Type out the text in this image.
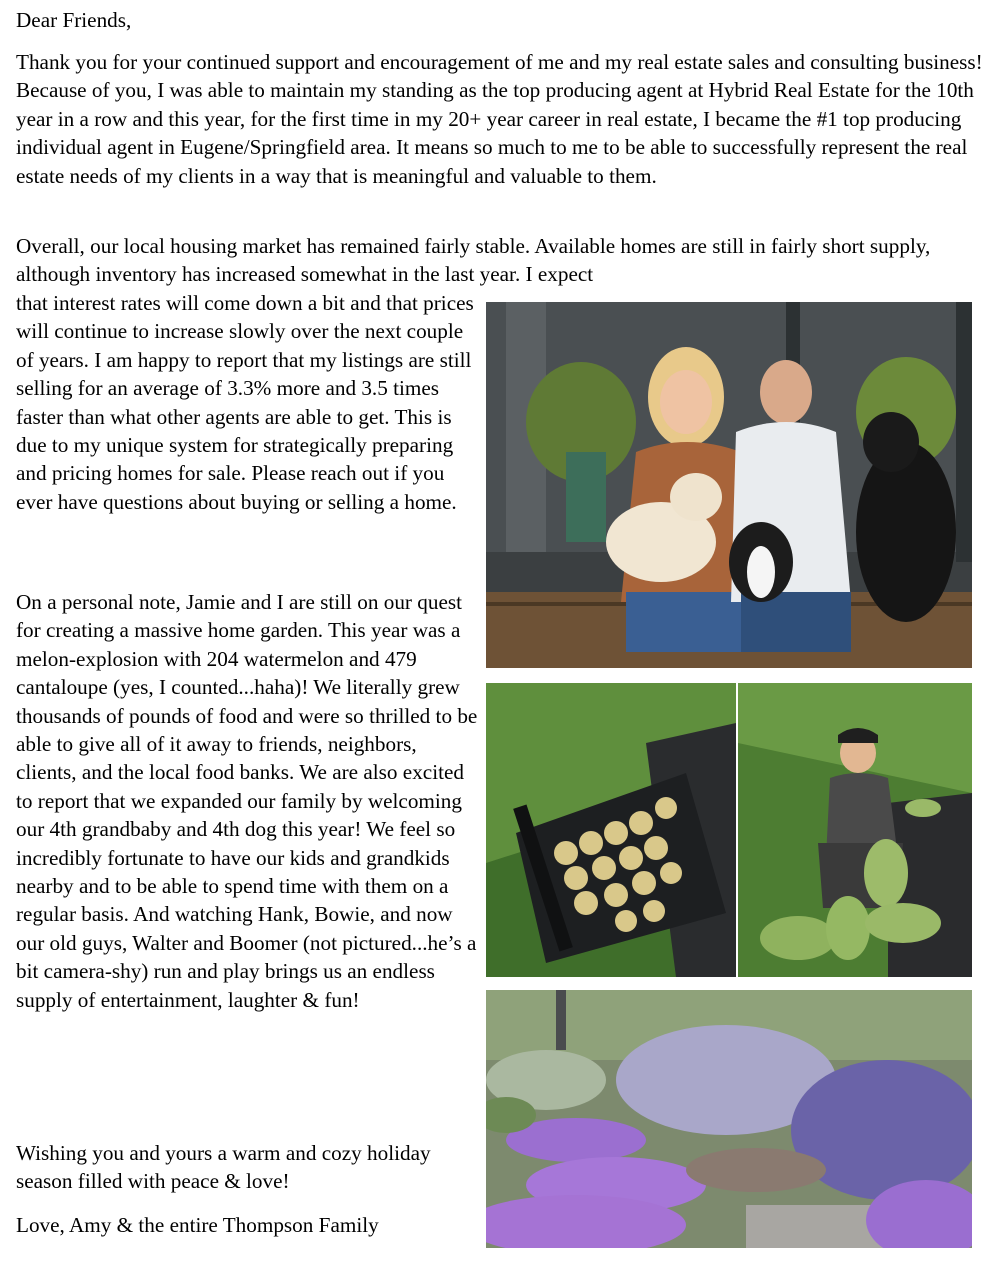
Dear Friends,

Thank you for your continued support and encouragement of me and my real estate sales and consulting business! Because of you, I was able to maintain my standing as the top producing agent at Hybrid Real Estate for the 10th year in a row and this year, for the first time in my 20+ year career in real estate, I became the #1 top producing individual agent in Eugene/Springfield area. It means so much to me to be able to successfully represent the real estate needs of my clients in a way that is meaningful and valuable to them.

Overall, our local housing market has remained fairly stable. Available homes are still in fairly short supply, although inventory has increased somewhat in the last year. I expect

that interest rates will come down a bit and that prices will continue to increase slowly over the next couple of years. I am happy to report that my listings are still selling for an average of 3.3% more and 3.5 times faster than what other agents are able to get. This is due to my unique system for strategically preparing and pricing homes for sale. Please reach out if you ever have questions about buying or selling a home.

On a personal note, Jamie and I are still on our quest for creating a massive home garden. This year was a melon-explosion with 204 watermelon and 479 cantaloupe (yes, I counted...haha)! We literally grew thousands of pounds of food and were so thrilled to be able to give all of it away to friends, neighbors, clients, and the local food banks. We are also excited to report that we expanded our family by welcoming our 4th grandbaby and 4th dog this year! We feel so incredibly fortunate to have our kids and grandkids nearby and to be able to spend time with them on a regular basis. And watching Hank, Bowie, and now our old guys, Walter and Boomer (not pictured...he’s a bit camera-shy) run and play brings us an endless supply of entertainment, laughter & fun!

Wishing you and yours a warm and cozy holiday season filled with peace & love!

Love, Amy & the entire Thompson Family
